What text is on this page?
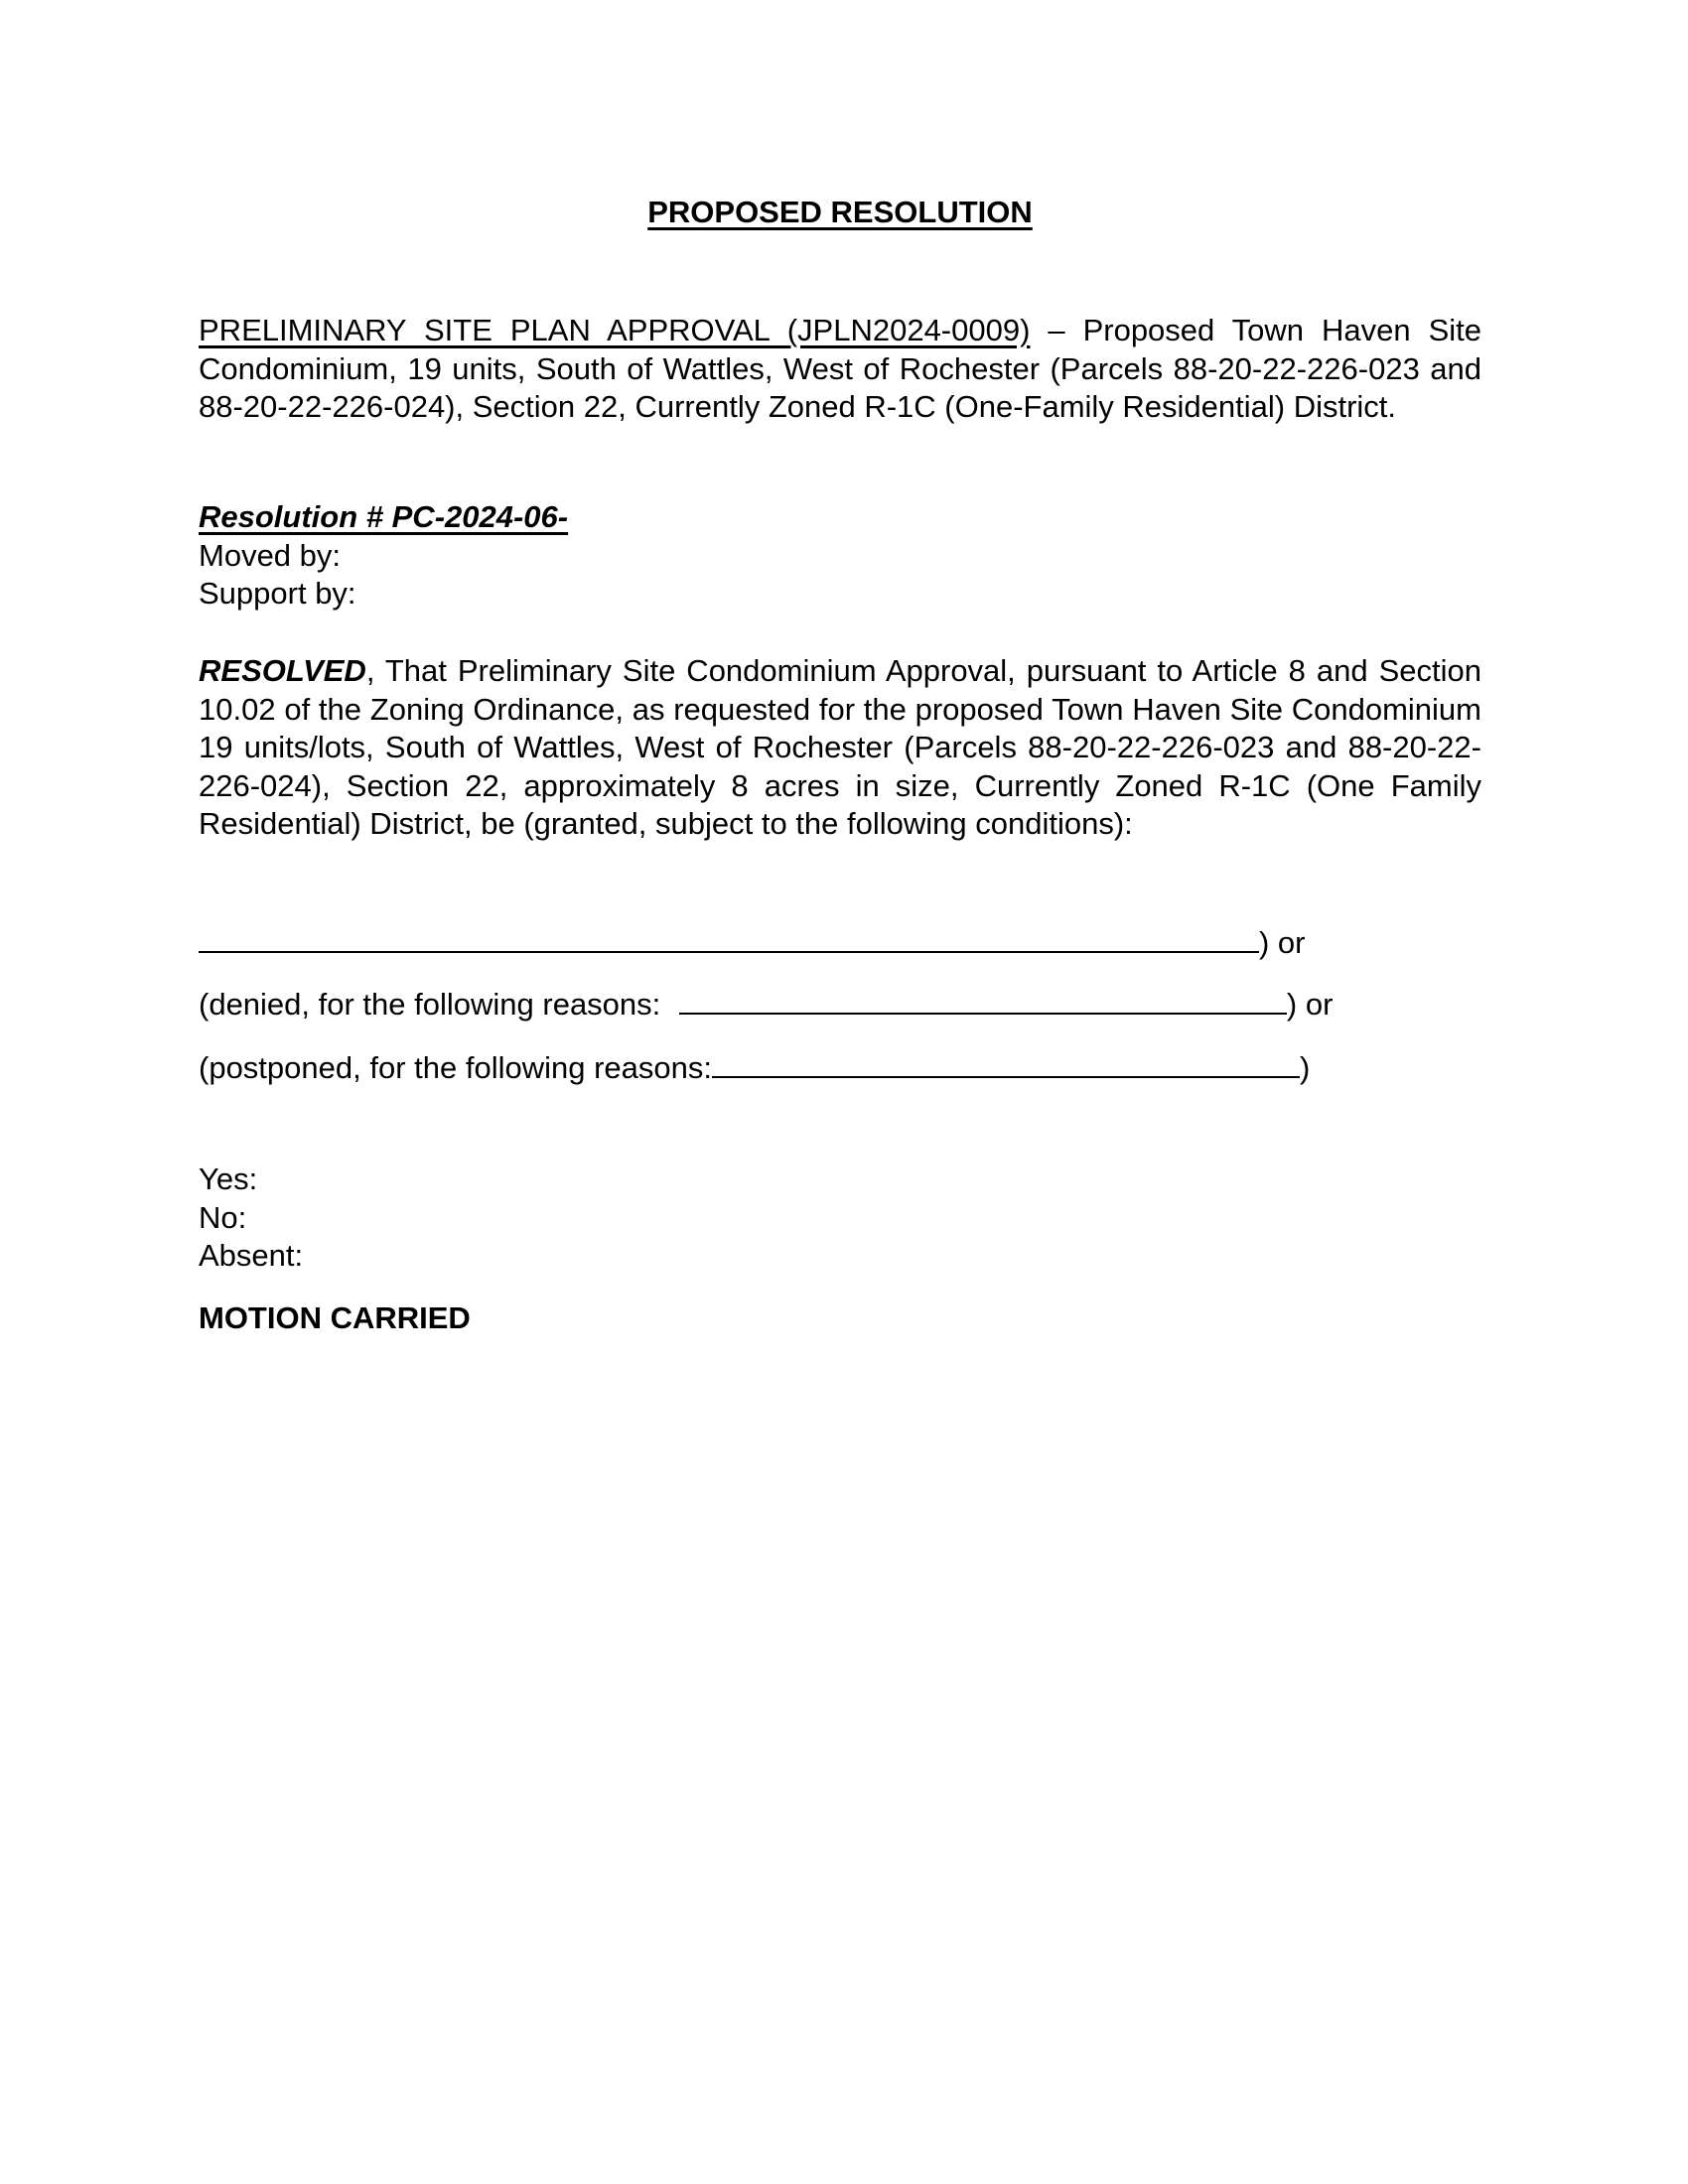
PROPOSED RESOLUTION

PRELIMINARY SITE PLAN APPROVAL (JPLN2024-0009) – Proposed Town Haven Site Condominium, 19 units, South of Wattles, West of Rochester (Parcels 88-20-22-226-023 and 88-20-22-226-024), Section 22, Currently Zoned R-1C (One-Family Residential) District.

Resolution # PC-2024-06-
Moved by:
Support by:

RESOLVED, That Preliminary Site Condominium Approval, pursuant to Article 8 and Section 10.02 of the Zoning Ordinance, as requested for the proposed Town Haven Site Condominium 19 units/lots, South of Wattles, West of Rochester (Parcels 88-20-22-226-023 and 88-20-22-226-024), Section 22, approximately 8 acres in size, Currently Zoned R-1C (One Family Residential) District, be (granted, subject to the following conditions):

) or
(denied, for the following reasons:	) or
(postponed, for the following reasons:	)
Yes:
No:
Absent:
MOTION CARRIED
